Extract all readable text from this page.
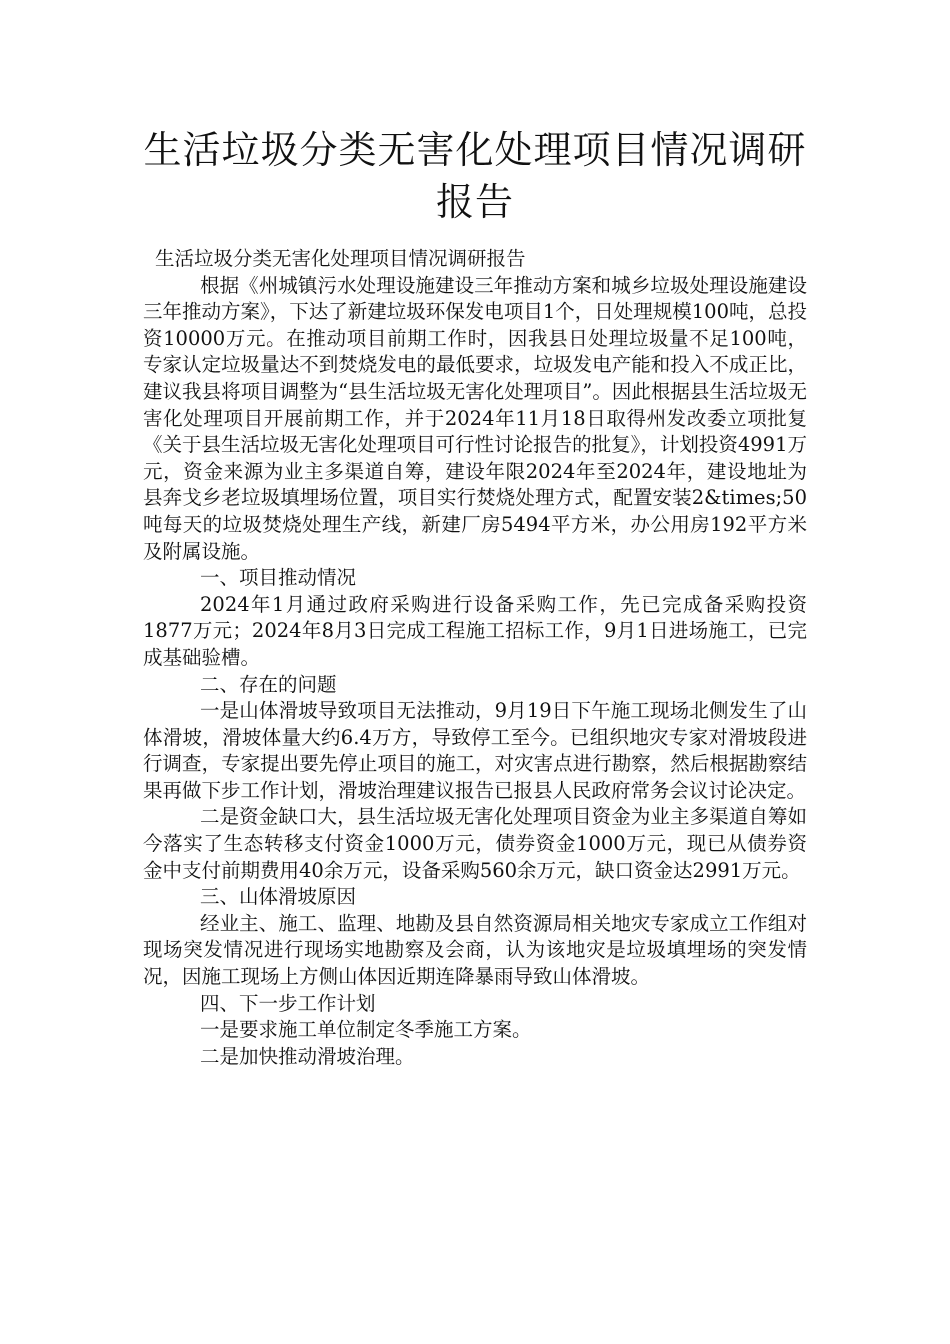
生活垃圾分类无害化处理项目情况调研报告

生活垃圾分类无害化处理项目情况调研报告

根据《州城镇污水处理设施建设三年推动方案和城乡垃圾处理设施建设三年推动方案》，下达了新建垃圾环保发电项目1个，日处理规模100吨，总投资10000万元。在推动项目前期工作时，因我县日处理垃圾量不足100吨，专家认定垃圾量达不到焚烧发电的最低要求，垃圾发电产能和投入不成正比，建议我县将项目调整为“县生活垃圾无害化处理项目”。因此根据县生活垃圾无害化处理项目开展前期工作，并于2024年11月18日取得州发改委立项批复《关于县生活垃圾无害化处理项目可行性讨论报告的批复》，计划投资4991万元，资金来源为业主多渠道自筹，建设年限2024年至2024年，建设地址为县奔戈乡老垃圾填埋场位置，项目实行焚烧处理方式，配置安装2&times;50吨每天的垃圾焚烧处理生产线，新建厂房5494平方米，办公用房192平方米及附属设施。

一、项目推动情况

2024年1月通过政府采购进行设备采购工作，先已完成备采购投资1877万元；2024年8月3日完成工程施工招标工作，9月1日进场施工，已完成基础验槽。

二、存在的问题

一是山体滑坡导致项目无法推动，9月19日下午施工现场北侧发生了山体滑坡，滑坡体量大约6.4万方，导致停工至今。已组织地灾专家对滑坡段进行调查，专家提出要先停止项目的施工，对灾害点进行勘察，然后根据勘察结果再做下步工作计划，滑坡治理建议报告已报县人民政府常务会议讨论决定。

二是资金缺口大，县生活垃圾无害化处理项目资金为业主多渠道自筹如今落实了生态转移支付资金1000万元，债券资金1000万元，现已从债券资金中支付前期费用40余万元，设备采购560余万元，缺口资金达2991万元。

三、山体滑坡原因

经业主、施工、监理、地勘及县自然资源局相关地灾专家成立工作组对现场突发情况进行现场实地勘察及会商，认为该地灾是垃圾填埋场的突发情况，因施工现场上方侧山体因近期连降暴雨导致山体滑坡。

四、下一步工作计划

一是要求施工单位制定冬季施工方案。

二是加快推动滑坡治理。
